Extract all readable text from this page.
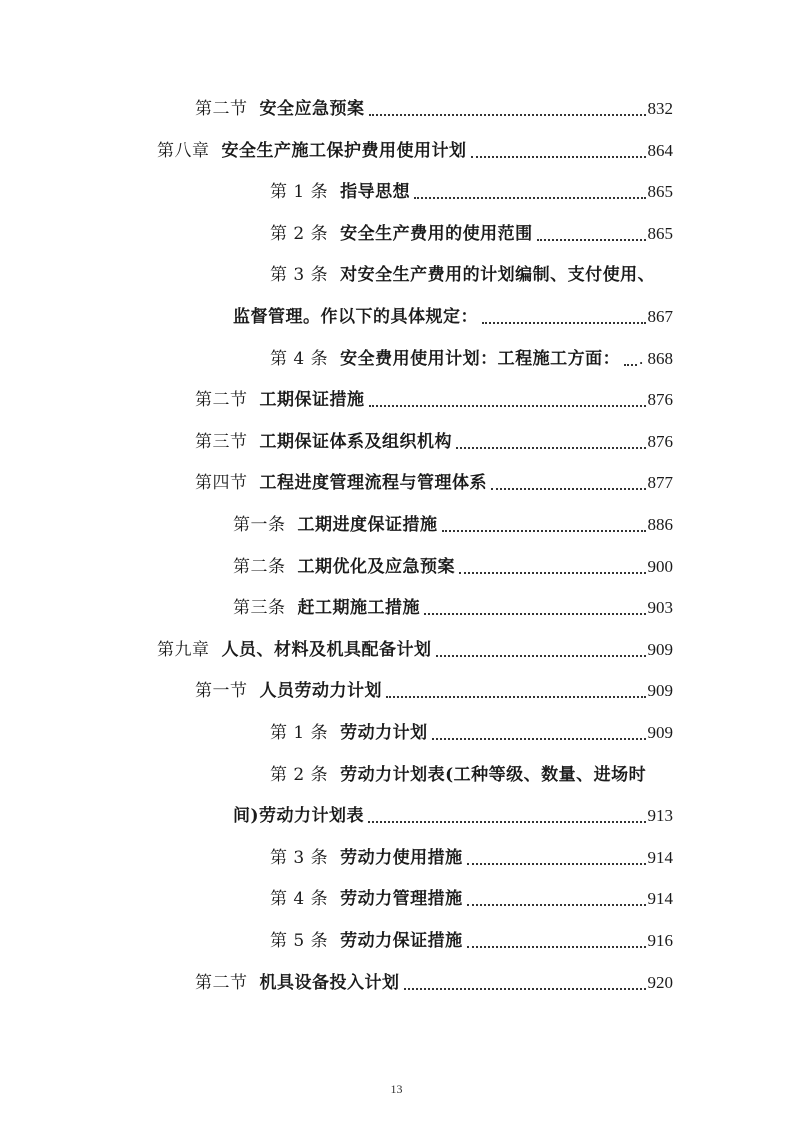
第二节 安全应急预案	832
第八章 安全生产施工保护费用使用计划	864
第 1 条 指导思想	865
第 2 条 安全生产费用的使用范围	865
第 3 条 对安全生产费用的计划编制、支付使用、
监督管理。作以下的具体规定：	867
第 4 条 安全费用使用计划：工程施工方面： . 868
第二节 工期保证措施	876
第三节 工期保证体系及组织机构	876
第四节 工程进度管理流程与管理体系	877
第一条 工期进度保证措施	886
第二条 工期优化及应急预案	900
第三条 赶工期施工措施	903
第九章 人员、材料及机具配备计划	909
第一节 人员劳动力计划	909
第 1 条 劳动力计划	909
第 2 条 劳动力计划表(工种等级、数量、进场时
间)劳动力计划表	913
第 3 条 劳动力使用措施	914
第 4 条 劳动力管理措施	914
第 5 条 劳动力保证措施	916
第二节 机具设备投入计划	920
13
